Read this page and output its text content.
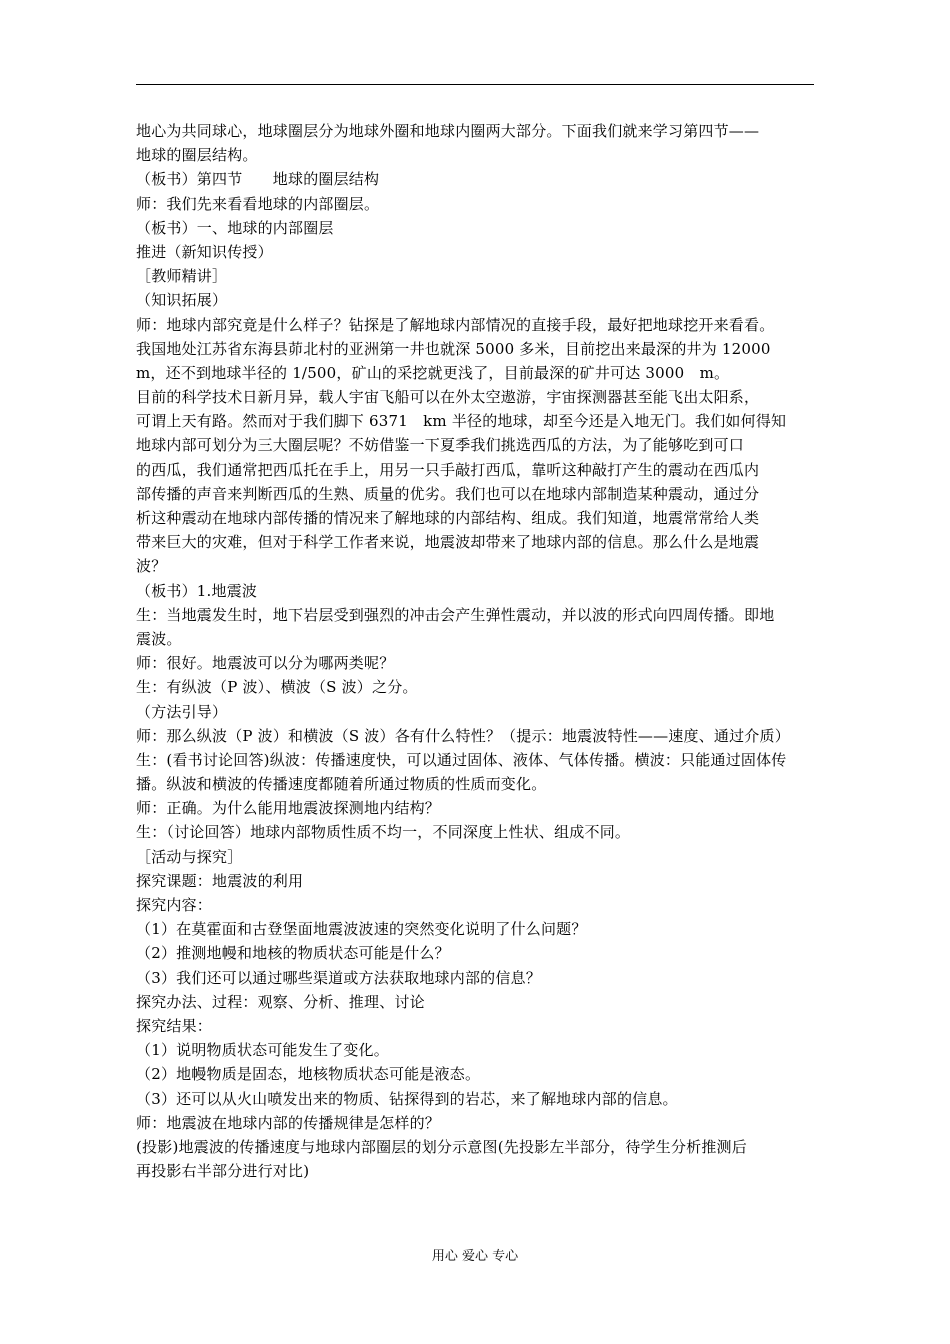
地心为共同球心，地球圈层分为地球外圈和地球内圈两大部分。下面我们就来学习第四节——
地球的圈层结构。
（板书）第四节　　地球的圈层结构
师：我们先来看看地球的内部圈层。
（板书）一、地球的内部圈层
推进（新知识传授）
［教师精讲］
（知识拓展）
师：地球内部究竟是什么样子？钻探是了解地球内部情况的直接手段，最好把地球挖开来看看。
我国地处江苏省东海县茆北村的亚洲第一井也就深 5000 多米，目前挖出来最深的井为 12000
m，还不到地球半径的 1/500，矿山的采挖就更浅了，目前最深的矿井可达 3000　m。
目前的科学技术日新月异，载人宇宙飞船可以在外太空遨游，宇宙探测器甚至能飞出太阳系，
可谓上天有路。然而对于我们脚下 6371　km 半径的地球，却至今还是入地无门。我们如何得知
地球内部可划分为三大圈层呢？不妨借鉴一下夏季我们挑选西瓜的方法，为了能够吃到可口
的西瓜，我们通常把西瓜托在手上，用另一只手敲打西瓜，靠听这种敲打产生的震动在西瓜内
部传播的声音来判断西瓜的生熟、质量的优劣。我们也可以在地球内部制造某种震动，通过分
析这种震动在地球内部传播的情况来了解地球的内部结构、组成。我们知道，地震常常给人类
带来巨大的灾难，但对于科学工作者来说，地震波却带来了地球内部的信息。那么什么是地震
波？
（板书）1.地震波
生：当地震发生时，地下岩层受到强烈的冲击会产生弹性震动，并以波的形式向四周传播。即地
震波。
师：很好。地震波可以分为哪两类呢？
生：有纵波（P 波）、横波（S 波）之分。
（方法引导）
师：那么纵波（P 波）和横波（S 波）各有什么特性？（提示：地震波特性——速度、通过介质）
生：(看书讨论回答)纵波：传播速度快，可以通过固体、液体、气体传播。横波：只能通过固体传
播。纵波和横波的传播速度都随着所通过物质的性质而变化。
师：正确。为什么能用地震波探测地内结构？
生：（讨论回答）地球内部物质性质不均一，不同深度上性状、组成不同。
［活动与探究］
探究课题：地震波的利用
探究内容：
（1）在莫霍面和古登堡面地震波波速的突然变化说明了什么问题？
（2）推测地幔和地核的物质状态可能是什么？
（3）我们还可以通过哪些渠道或方法获取地球内部的信息？
探究办法、过程：观察、分析、推理、讨论
探究结果：
（1）说明物质状态可能发生了变化。
（2）地幔物质是固态，地核物质状态可能是液态。
（3）还可以从火山喷发出来的物质、钻探得到的岩芯，来了解地球内部的信息。
师：地震波在地球内部的传播规律是怎样的？
(投影)地震波的传播速度与地球内部圈层的划分示意图(先投影左半部分，待学生分析推测后
再投影右半部分进行对比)
用心 爱心 专心
